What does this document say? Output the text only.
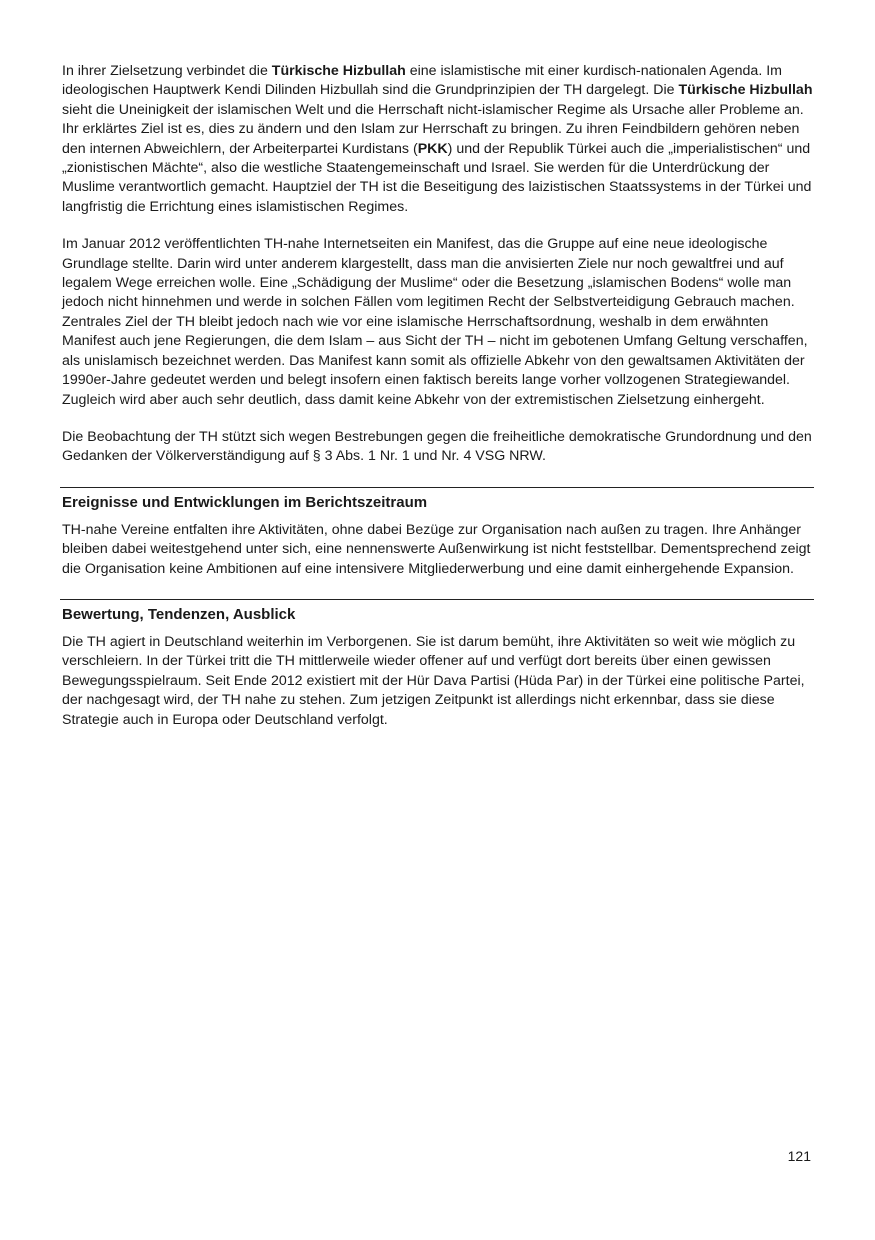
In ihrer Zielsetzung verbindet die Türkische Hizbullah eine islamistische mit einer kurdisch-nationalen Agenda. Im ideologischen Hauptwerk Kendi Dilinden Hizbullah sind die Grundprinzipien der TH dargelegt. Die Türkische Hizbullah sieht die Uneinigkeit der islamischen Welt und die Herrschaft nicht-islamischer Regime als Ursache aller Probleme an. Ihr erklärtes Ziel ist es, dies zu ändern und den Islam zur Herrschaft zu bringen. Zu ihren Feindbildern gehören neben den internen Abweichlern, der Arbeiterpartei Kurdistans (PKK) und der Republik Türkei auch die „imperialistischen“ und „zionistischen Mächte“, also die westliche Staatengemeinschaft und Israel. Sie werden für die Unterdrückung der Muslime verantwortlich gemacht. Hauptziel der TH ist die Beseitigung des laizistischen Staatssystems in der Türkei und langfristig die Errichtung eines islamistischen Regimes.

Im Januar 2012 veröffentlichten TH-nahe Internetseiten ein Manifest, das die Gruppe auf eine neue ideologische Grundlage stellte. Darin wird unter anderem klargestellt, dass man die anvisierten Ziele nur noch gewaltfrei und auf legalem Wege erreichen wolle. Eine „Schädigung der Muslime“ oder die Besetzung „islamischen Bodens“ wolle man jedoch nicht hinnehmen und werde in solchen Fällen vom legitimen Recht der Selbstverteidigung Gebrauch machen. Zentrales Ziel der TH bleibt jedoch nach wie vor eine islamische Herrschaftsordnung, weshalb in dem erwähnten Manifest auch jene Regierungen, die dem Islam – aus Sicht der TH – nicht im gebotenen Umfang Geltung verschaffen, als unislamisch bezeichnet werden. Das Manifest kann somit als offizielle Abkehr von den gewaltsamen Aktivitäten der 1990er-Jahre gedeutet werden und belegt insofern einen faktisch bereits lange vorher vollzogenen Strategiewandel. Zugleich wird aber auch sehr deutlich, dass damit keine Abkehr von der extremistischen Zielsetzung einhergeht.

Die Beobachtung der TH stützt sich wegen Bestrebungen gegen die freiheitliche demokratische Grundordnung und den Gedanken der Völkerverständigung auf § 3 Abs. 1 Nr. 1 und Nr. 4 VSG NRW.

Ereignisse und Entwicklungen im Berichtszeitraum

TH-nahe Vereine entfalten ihre Aktivitäten, ohne dabei Bezüge zur Organisation nach außen zu tragen. Ihre Anhänger bleiben dabei weitestgehend unter sich, eine nennenswerte Außenwirkung ist nicht feststellbar. Dementsprechend zeigt die Organisation keine Ambitionen auf eine intensivere Mitgliederwerbung und eine damit einhergehende Expansion.

Bewertung, Tendenzen, Ausblick

Die TH agiert in Deutschland weiterhin im Verborgenen. Sie ist darum bemüht, ihre Aktivitäten so weit wie möglich zu verschleiern. In der Türkei tritt die TH mittlerweile wieder offener auf und verfügt dort bereits über einen gewissen Bewegungsspielraum. Seit Ende 2012 existiert mit der Hür Dava Partisi (Hüda Par) in der Türkei eine politische Partei, der nachgesagt wird, der TH nahe zu stehen. Zum jetzigen Zeitpunkt ist allerdings nicht erkennbar, dass sie diese Strategie auch in Europa oder Deutschland verfolgt.

121
